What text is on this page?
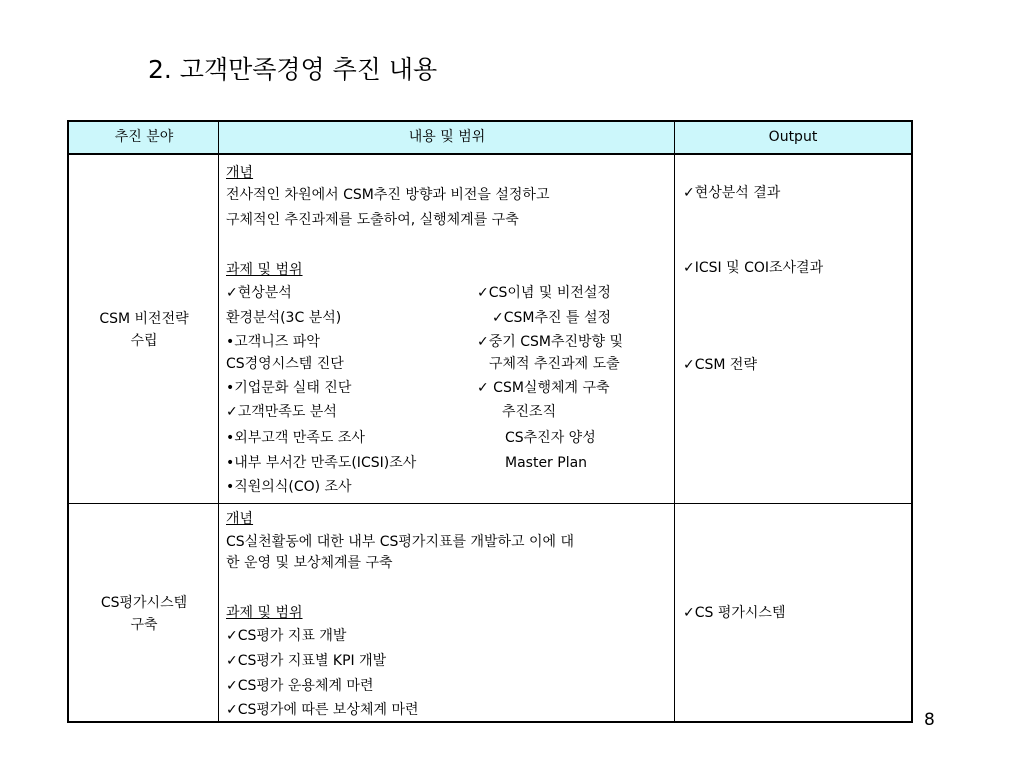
2. 고객만족경영 추진 내용
추진 분야	내용 및 범위	Output
CSM 비전전략
수립
개념
전사적인 차원에서 CSM추진 방향과 비전을 설정하고
구체적인 추진과제를 도출하여, 실행체계를 구축
과제 및 범위
✓현상분석
환경분석(3C 분석)
•고객니즈 파악
CS경영시스템 진단
•기업문화 실태 진단
✓고객만족도 분석
•외부고객 만족도 조사
•내부 부서간 만족도(ICSI)조사
•직원의식(CO) 조사
✓CS이념 및 비전설정
✓CSM추진 틀 설정
✓중기 CSM추진방향 및
구체적 추진과제 도출
✓ CSM실행체계 구축
추진조직
CS추진자 양성
Master Plan
✓현상분석 결과
✓ICSI 및 COI조사결과
✓CSM 전략
CS평가시스템
구축
개념
CS실천활동에 대한 내부 CS평가지표를 개발하고 이에 대
한 운영 및 보상체계를 구축
과제 및 범위
✓CS평가 지표 개발
✓CS평가 지표별 KPI 개발
✓CS평가 운용체계 마련
✓CS평가에 따른 보상체계 마련
✓CS 평가시스템
8
